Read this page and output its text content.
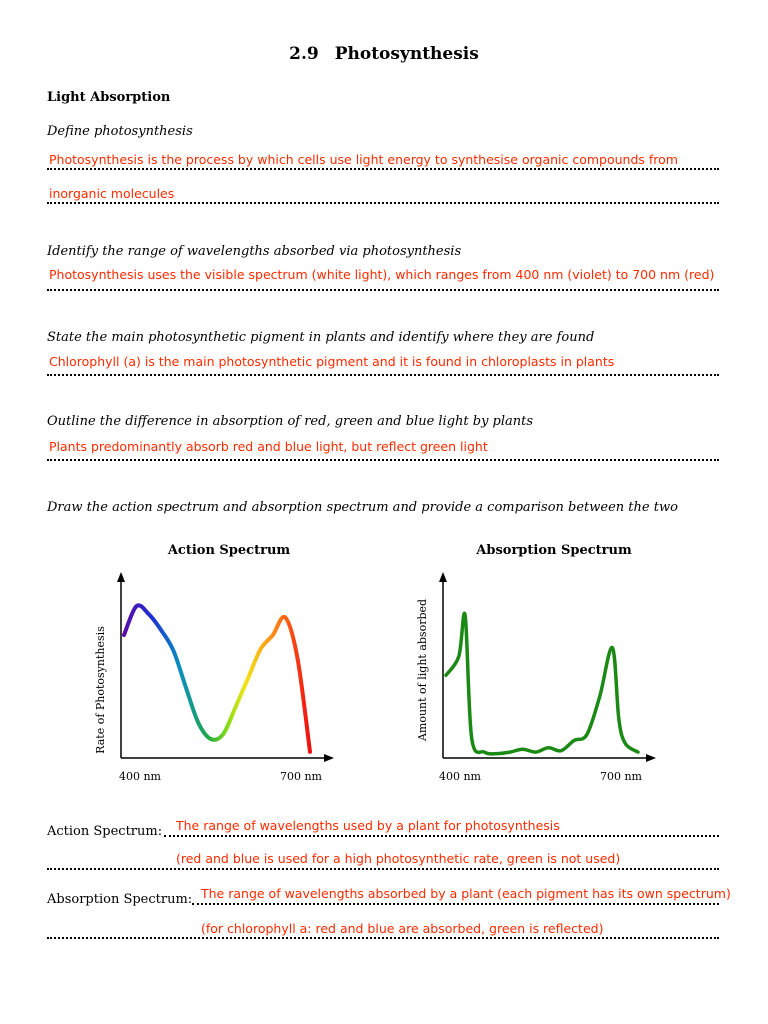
2.9 Photosynthesis
Light Absorption
Define photosynthesis
Photosynthesis is the process by which cells use light energy to synthesise organic compounds from
inorganic molecules
Identify the range of wavelengths absorbed via photosynthesis
Photosynthesis uses the visible spectrum (white light), which ranges from 400 nm (violet) to 700 nm (red)
State the main photosynthetic pigment in plants and identify where they are found
Chlorophyll (a) is the main photosynthetic pigment and it is found in chloroplasts in plants
Outline the difference in absorption of red, green and blue light by plants
Plants predominantly absorb red and blue light, but reflect green light
Draw the action spectrum and absorption spectrum and provide a comparison between the two
Action Spectrum	Absorption Spectrum
Rate of Photosynthesis
400 nm	700 nm
Amount of light absorbed
400 nm	700 nm
Action Spectrum: The range of wavelengths used by a plant for photosynthesis
(red and blue is used for a high photosynthetic rate, green is not used)
Absorption Spectrum: The range of wavelengths absorbed by a plant (each pigment has its own spectrum)
(for chlorophyll a: red and blue are absorbed, green is reflected)
